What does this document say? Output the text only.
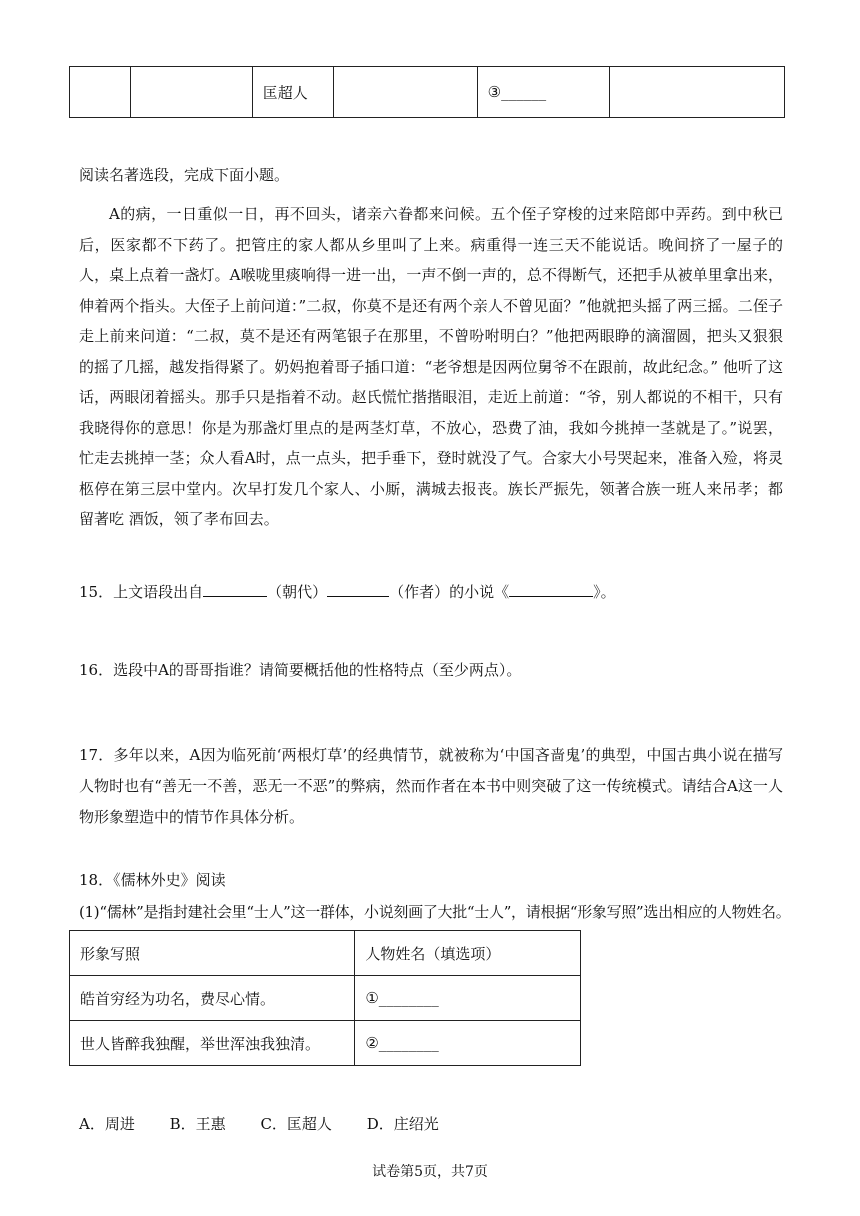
		匡超人		③______	
阅读名著选段，完成下面小题。
A的病，一日重似一日，再不回头，诸亲六眷都来问候。五个侄子穿梭的过来陪郎中弄药。到中秋已后，医家都不下药了。把管庄的家人都从乡里叫了上来。病重得一连三天不能说话。晚间挤了一屋子的人，桌上点着一盏灯。A喉咙里痰响得一进一出，一声不倒一声的，总不得断气，还把手从被单里拿出来，伸着两个指头。大侄子上前问道：”二叔，你莫不是还有两个亲人不曾见面？”他就把头摇了两三摇。二侄子走上前来问道：“二叔，莫不是还有两笔银子在那里，不曾吩咐明白？”他把两眼睁的滴溜圆，把头又狠狠的摇了几摇，越发指得紧了。奶妈抱着哥子插口道：“老爷想是因两位舅爷不在跟前，故此纪念。” 他听了这话，两眼闭着摇头。那手只是指着不动。赵氏慌忙揩揩眼泪，走近上前道：“爷，别人都说的不相干，只有我晓得你的意思！你是为那盏灯里点的是两茎灯草，不放心，恐费了油，我如今挑掉一茎就是了。”说罢，忙走去挑掉一茎；众人看A时，点一点头，把手垂下，登时就没了气。合家大小号哭起来，准备入殓，将灵柩停在第三层中堂内。次早打发几个家人、小厮，满城去报丧。族长严振先，领著合族一班人来吊孝；都留著吃 酒饭，领了孝布回去。
15．上文语段出自	（朝代）	（作者）的小说《	》。
16．选段中A的哥哥指谁？请简要概括他的性格特点（至少两点）。
17．多年以来，A因为临死前‘两根灯草’的经典情节，就被称为‘中国吝啬鬼’的典型，中国古典小说在描写人物时也有“善无一不善，恶无一不恶”的弊病，然而作者在本书中则突破了这一传统模式。请结合A这一人物形象塑造中的情节作具体分析。
18．《儒林外史》阅读
(1)“儒林”是指封建社会里“士人”这一群体，小说刻画了大批“士人”，请根据“形象写照”选出相应的人物姓名。
形象写照	人物姓名（填选项）
皓首穷经为功名，费尽心情。	①________
世人皆醉我独醒，举世浑浊我独清。	②________
A．周进 B．王惠 C．匡超人 D．庄绍光
试卷第5页，共7页
